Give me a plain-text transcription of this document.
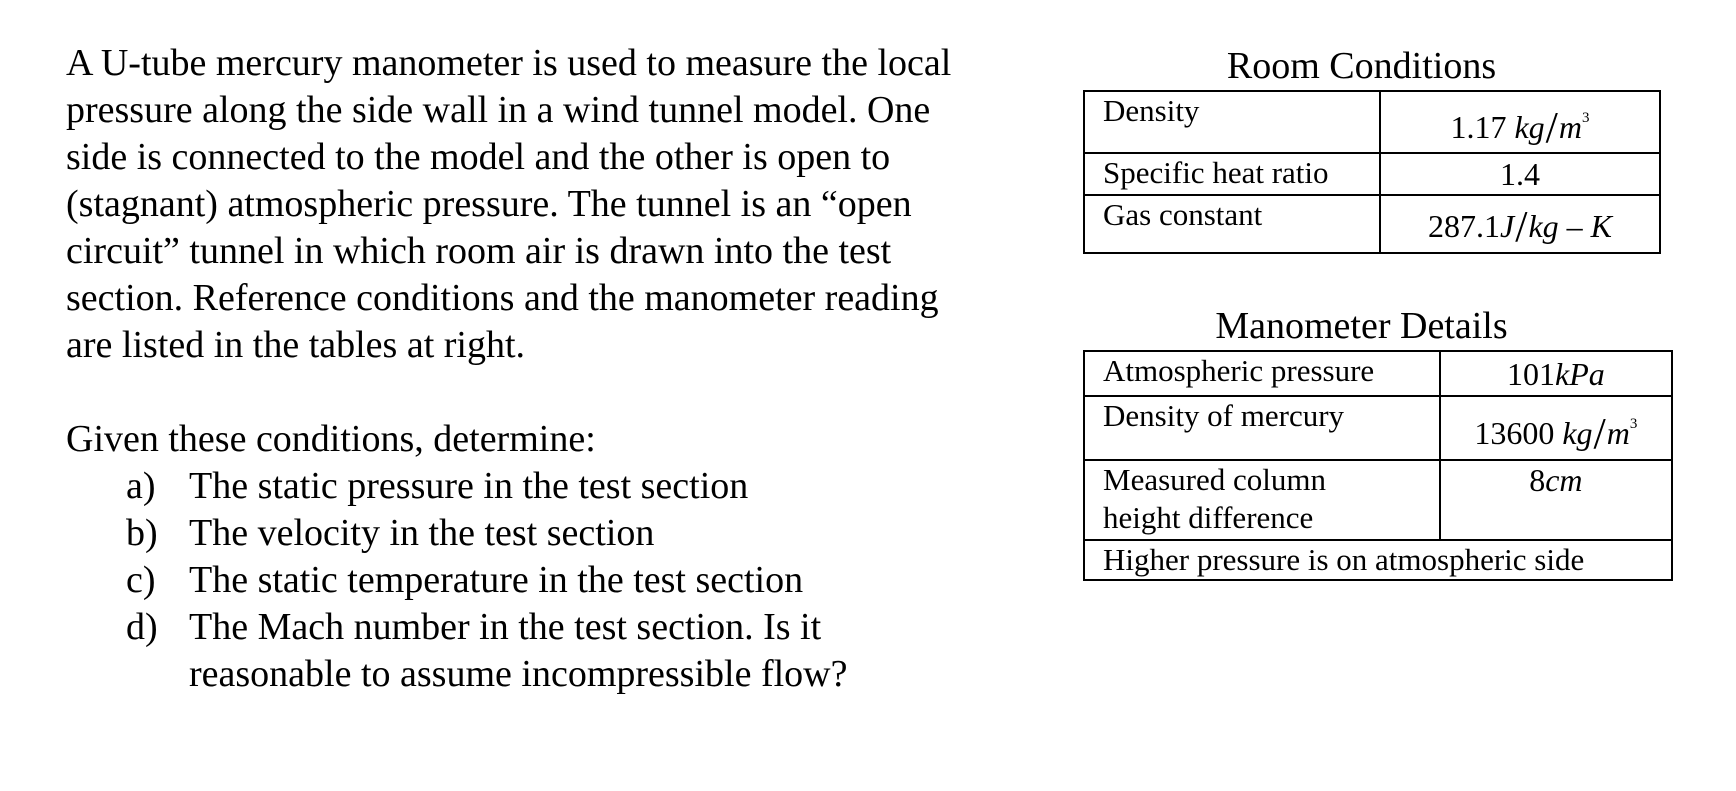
A U-tube mercury manometer is used to measure the local
pressure along the side wall in a wind tunnel model. One
side is connected to the model and the other is open to
(stagnant) atmospheric pressure. The tunnel is an “open
circuit” tunnel in which room air is drawn into the test
section. Reference conditions and the manometer reading
are listed in the tables at right.

Given these conditions, determine:

a) The static pressure in the test section
b) The velocity in the test section
c) The static temperature in the test section
d) The Mach number in the test section. Is it
reasonable to assume incompressible flow?
Room Conditions
Density	1.17 $kg/m^3$
Specific heat ratio	1.4
Gas constant	287.1J/kg – K
Manometer Details
Atmospheric pressure	101kPa
Density of mercury	13600 $kg/m^3$
Measured column
height difference	8cm
Higher pressure is on atmospheric side	
